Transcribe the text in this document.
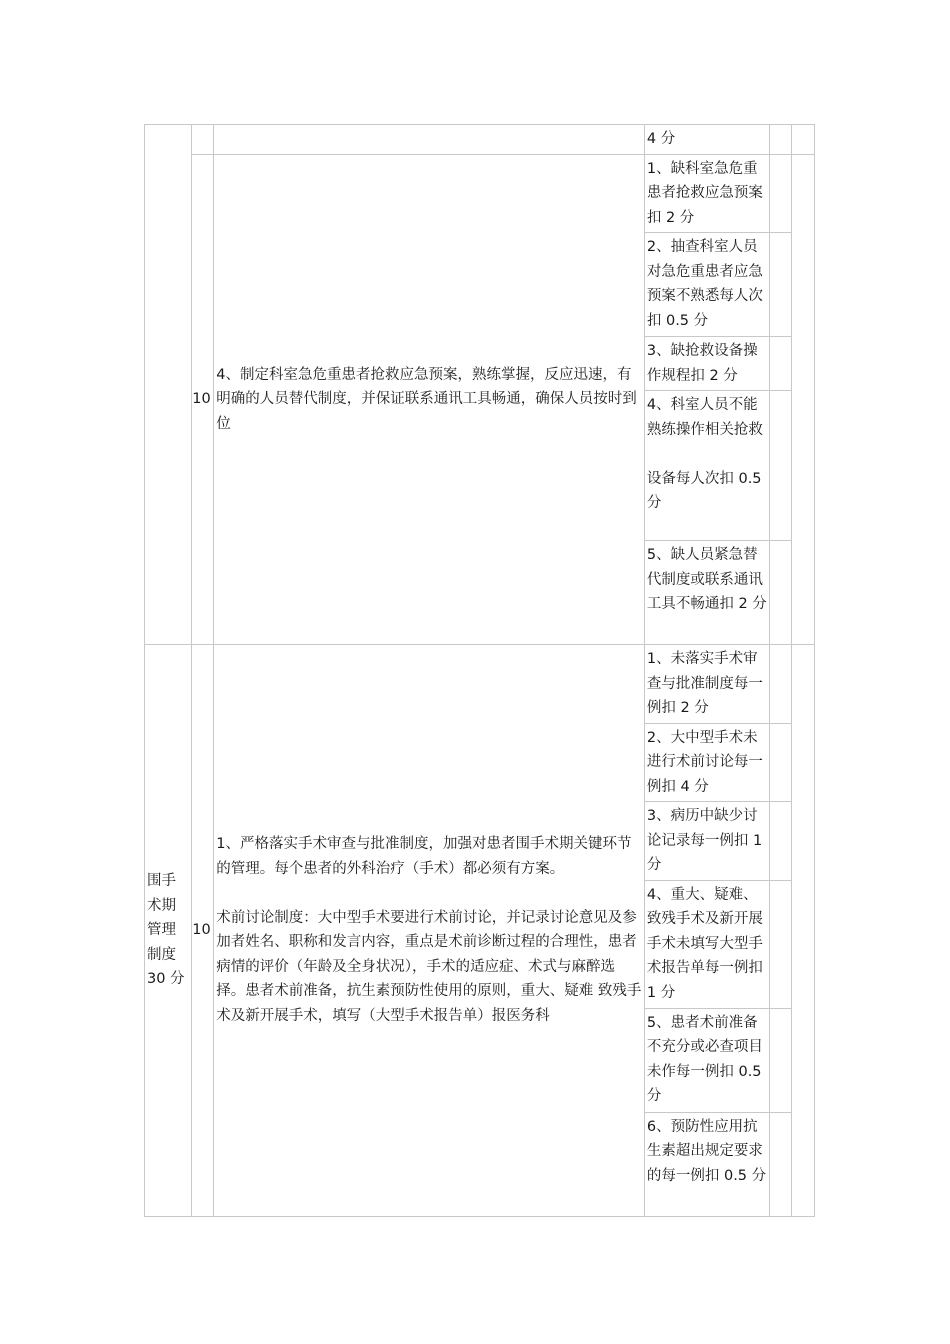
			4 分		
	10	4、制定科室急危重患者抢救应急预案，熟练掌握，反应迅速，有明确的人员替代制度，并保证联系通讯工具畅通，确保人员按时到位	1、缺科室急危重患者抢救应急预案扣 2 分		
			2、抽查科室人员对急危重患者应急预案不熟悉每人次扣 0.5 分		
			3、缺抢救设备操作规程扣 2 分		
			4、科室人员不能熟练操作相关抢救

设备每人次扣 0.5 分		
			5、缺人员紧急替代制度或联系通讯工具不畅通扣 2 分		
围手术期管理制度 30 分	10	1、严格落实手术审查与批准制度，加强对患者围手术期关键环节的管理。每个患者的外科治疗（手术）都必须有方案。

术前讨论制度：大中型手术要进行术前讨论，并记录讨论意见及参加者姓名、职称和发言内容，重点是术前诊断过程的合理性，患者病情的评价（年龄及全身状况），手术的适应症、术式与麻醉选择。患者术前准备，抗生素预防性使用的原则，重大、疑难 致残手术及新开展手术，填写（大型手术报告单）报医务科	1、未落实手术审查与批准制度每一例扣 2 分		
			2、大中型手术未进行术前讨论每一例扣 4 分		
			3、病历中缺少讨论记录每一例扣 1 分		
			4、重大、疑难、致残手术及新开展手术未填写大型手术报告单每一例扣 1 分		
			5、患者术前准备不充分或必查项目未作每一例扣 0.5 分		
			6、预防性应用抗生素超出规定要求的每一例扣 0.5 分		
